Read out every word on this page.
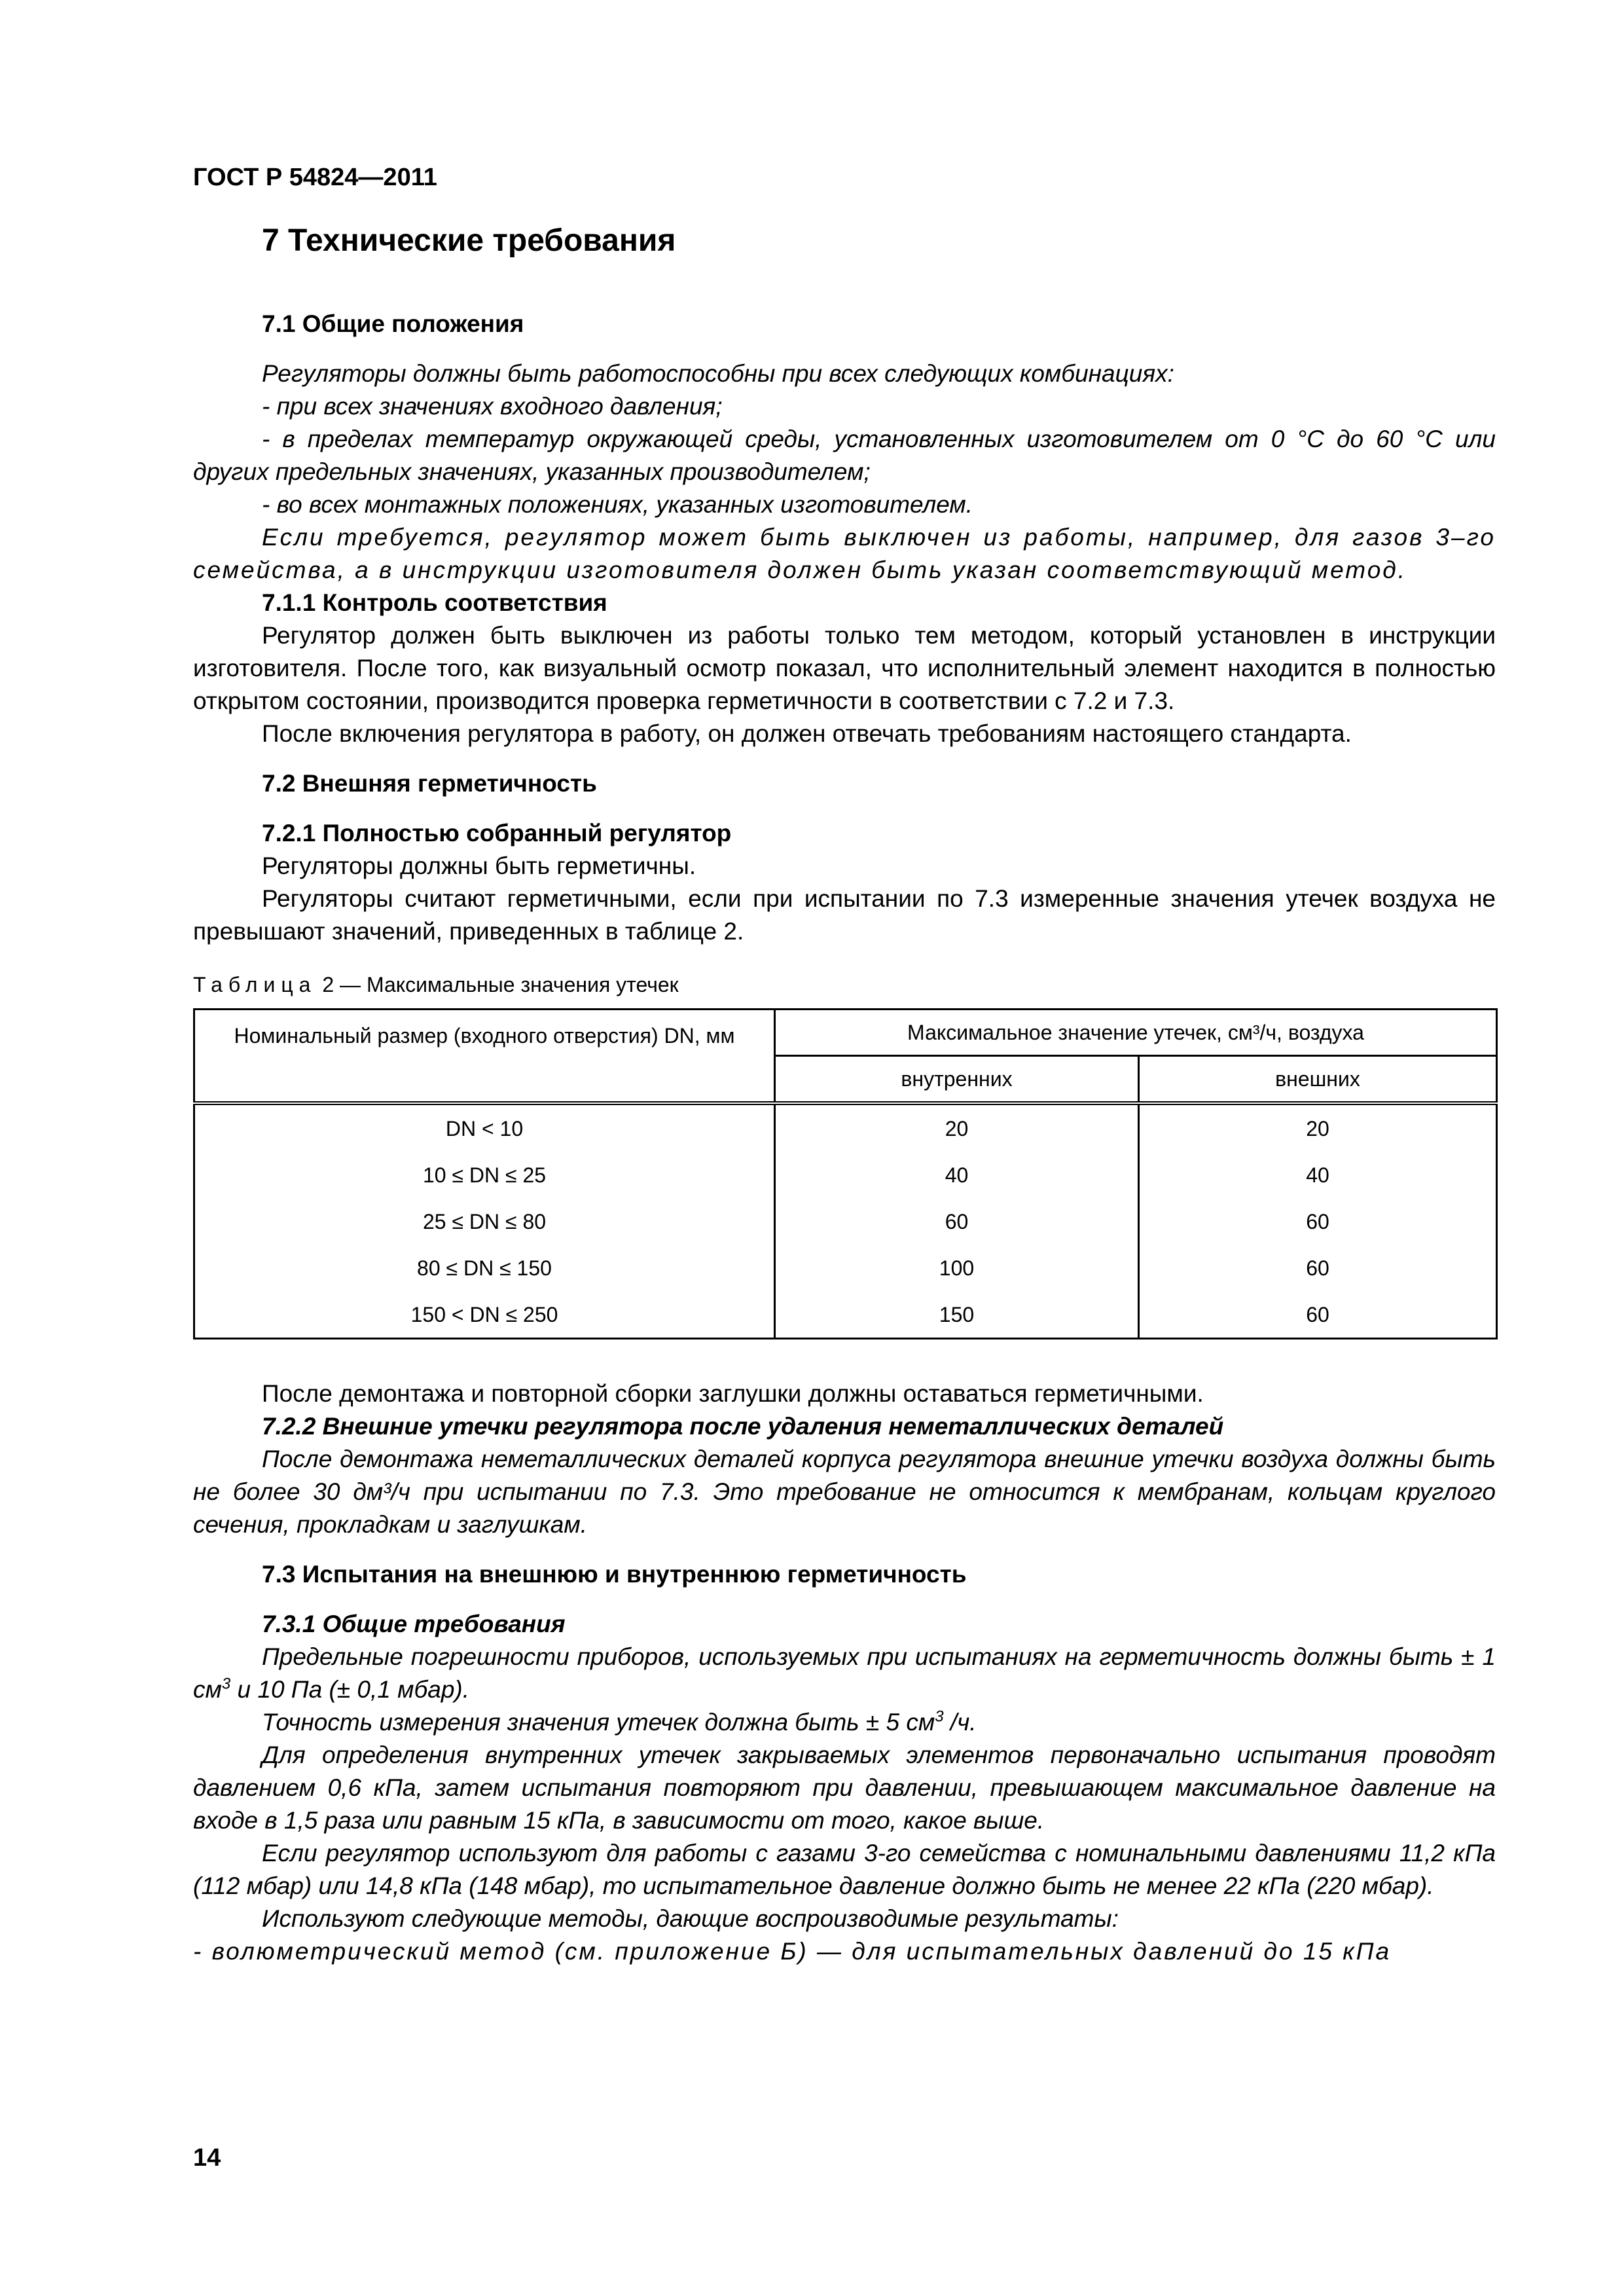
ГОСТ Р 54824—2011
7 Технические требования

7.1 Общие положения

Регуляторы должны быть работоспособны при всех следующих комбинациях:

- при всех значениях входного давления;

- в пределах температур окружающей среды, установленных изготовителем от 0 °С до 60 °С или других предельных значениях, указанных производителем;

- во всех монтажных положениях, указанных изготовителем.

Если требуется, регулятор может быть выключен из работы, например, для газов 3–го семейства, а в инструкции изготовителя должен быть указан соответствующий метод.

7.1.1 Контроль соответствия

Регулятор должен быть выключен из работы только тем методом, который установлен в инструкции изготовителя. После того, как визуальный осмотр показал, что исполнительный элемент находится в полностью открытом состоянии, производится проверка герметичности в соответствии с 7.2 и 7.3.

После включения регулятора в работу, он должен отвечать требованиям настоящего стандарта.

7.2 Внешняя герметичность

7.2.1 Полностью собранный регулятор

Регуляторы должны быть герметичны.

Регуляторы считают герметичными, если при испытании по 7.3 измеренные значения утечек воздуха не превышают значений, приведенных в таблице 2.

Таблица 2 — Максимальные значения утечек

Номинальный размер (входного отверстия) DN, мм	Максимальное значение утечек, см³/ч, воздуха	
	внутренних	внешних
DN < 10	20	20
10 ≤ DN ≤ 25	40	40
25 ≤ DN ≤ 80	60	60
80 ≤ DN ≤ 150	100	60
150 < DN ≤ 250	150	60

После демонтажа и повторной сборки заглушки должны оставаться герметичными.

7.2.2 Внешние утечки регулятора после удаления неметаллических деталей

После демонтажа неметаллических деталей корпуса регулятора внешние утечки воздуха должны быть не более 30 дм³/ч при испытании по 7.3. Это требование не относится к мембранам, кольцам круглого сечения, прокладкам и заглушкам.

7.3 Испытания на внешнюю и внутреннюю герметичность

7.3.1 Общие требования

Предельные погрешности приборов, используемых при испытаниях на герметичность должны быть ± 1 $см^3$ и 10 Па (± 0,1 мбар).

Точность измерения значения утечек должна быть ± 5 $см^3$ /ч.

Для определения внутренних утечек закрываемых элементов первоначально испытания проводят давлением 0,6 кПа, затем испытания повторяют при давлении, превышающем максимальное давление на входе в 1,5 раза или равным 15 кПа, в зависимости от того, какое выше.

Если регулятор используют для работы с газами 3-го семейства с номинальными давлениями 11,2 кПа (112 мбар) или 14,8 кПа (148 мбар), то испытательное давление должно быть не менее 22 кПа (220 мбар).

Используют следующие методы, дающие воспроизводимые результаты:

- волюметрический метод (см. приложение Б) — для испытательных давлений до 15 кПа

14
